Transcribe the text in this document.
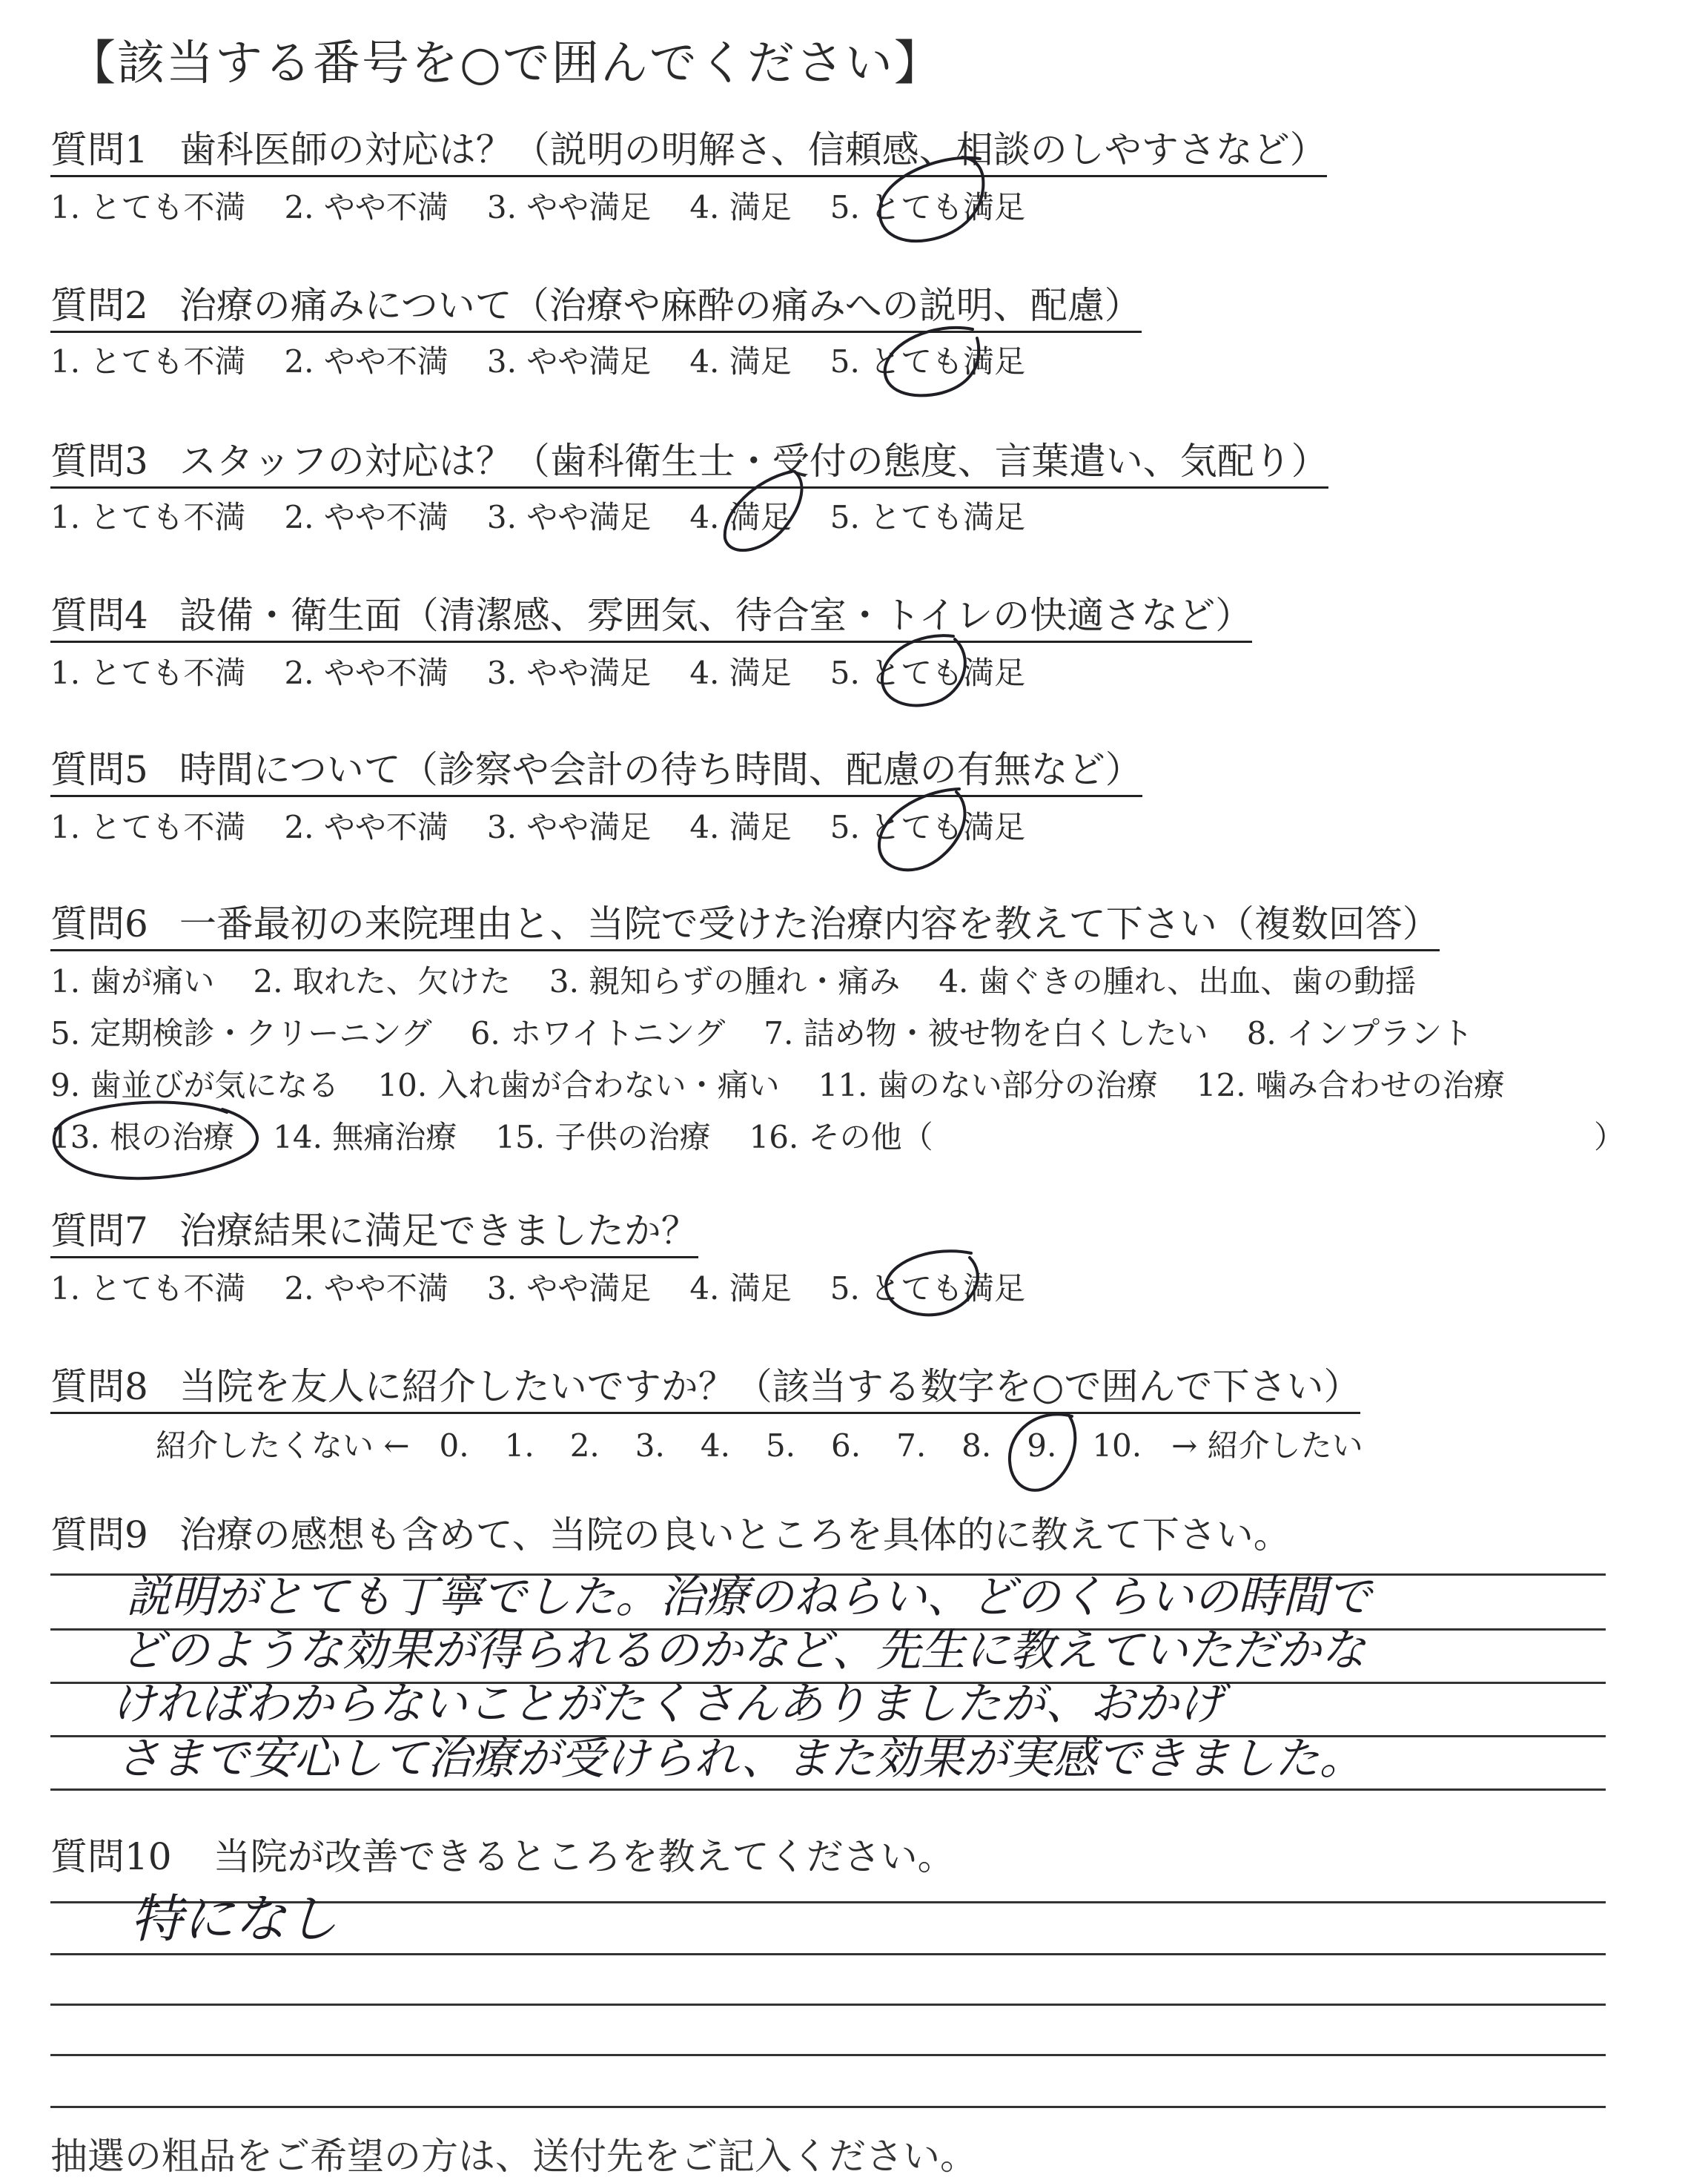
【該当する番号を○で囲んでください】
質問1 歯科医師の対応は？（説明の明解さ、信頼感、相談のしやすさなど）
1. とても不満 2. やや不満 3. やや満足 4. 満足 5. とても満足
質問2 治療の痛みについて（治療や麻酔の痛みへの説明、配慮）
1. とても不満 2. やや不満 3. やや満足 4. 満足 5. とても満足
質問3 スタッフの対応は？（歯科衛生士・受付の態度、言葉遣い、気配り）
1. とても不満 2. やや不満 3. やや満足 4. 満足 5. とても満足
質問4 設備・衛生面（清潔感、雰囲気、待合室・トイレの快適さなど）
1. とても不満 2. やや不満 3. やや満足 4. 満足 5. とても満足
質問5 時間について（診察や会計の待ち時間、配慮の有無など）
1. とても不満 2. やや不満 3. やや満足 4. 満足 5. とても満足
質問6 一番最初の来院理由と、当院で受けた治療内容を教えて下さい（複数回答）
1. 歯が痛い 2. 取れた、欠けた 3. 親知らずの腫れ・痛み 4. 歯ぐきの腫れ、出血、歯の動揺
5. 定期検診・クリーニング 6. ホワイトニング 7. 詰め物・被せ物を白くしたい 8. インプラント
9. 歯並びが気になる 10. 入れ歯が合わない・痛い 11. 歯のない部分の治療 12. 噛み合わせの治療
13. 根の治療 14. 無痛治療 15. 子供の治療 16. その他（	）
質問7 治療結果に満足できましたか？
1. とても不満 2. やや不満 3. やや満足 4. 満足 5. とても満足
質問8 当院を友人に紹介したいですか？（該当する数字を○で囲んで下さい）
紹介したくない ← 0. 1. 2. 3. 4. 5. 6. 7. 8. 9. 10. → 紹介したい
質問9 治療の感想も含めて、当院の良いところを具体的に教えて下さい。
質問10 当院が改善できるところを教えてください。
抽選の粗品をご希望の方は、送付先をご記入ください。
説明がとても丁寧でした。治療のねらい、どのくらいの時間で
どのような効果が得られるのかなど、先生に教えていただかな
ければわからないことがたくさんありましたが、おかげ
さまで安心して治療が受けられ、また効果が実感できました。
特になし
